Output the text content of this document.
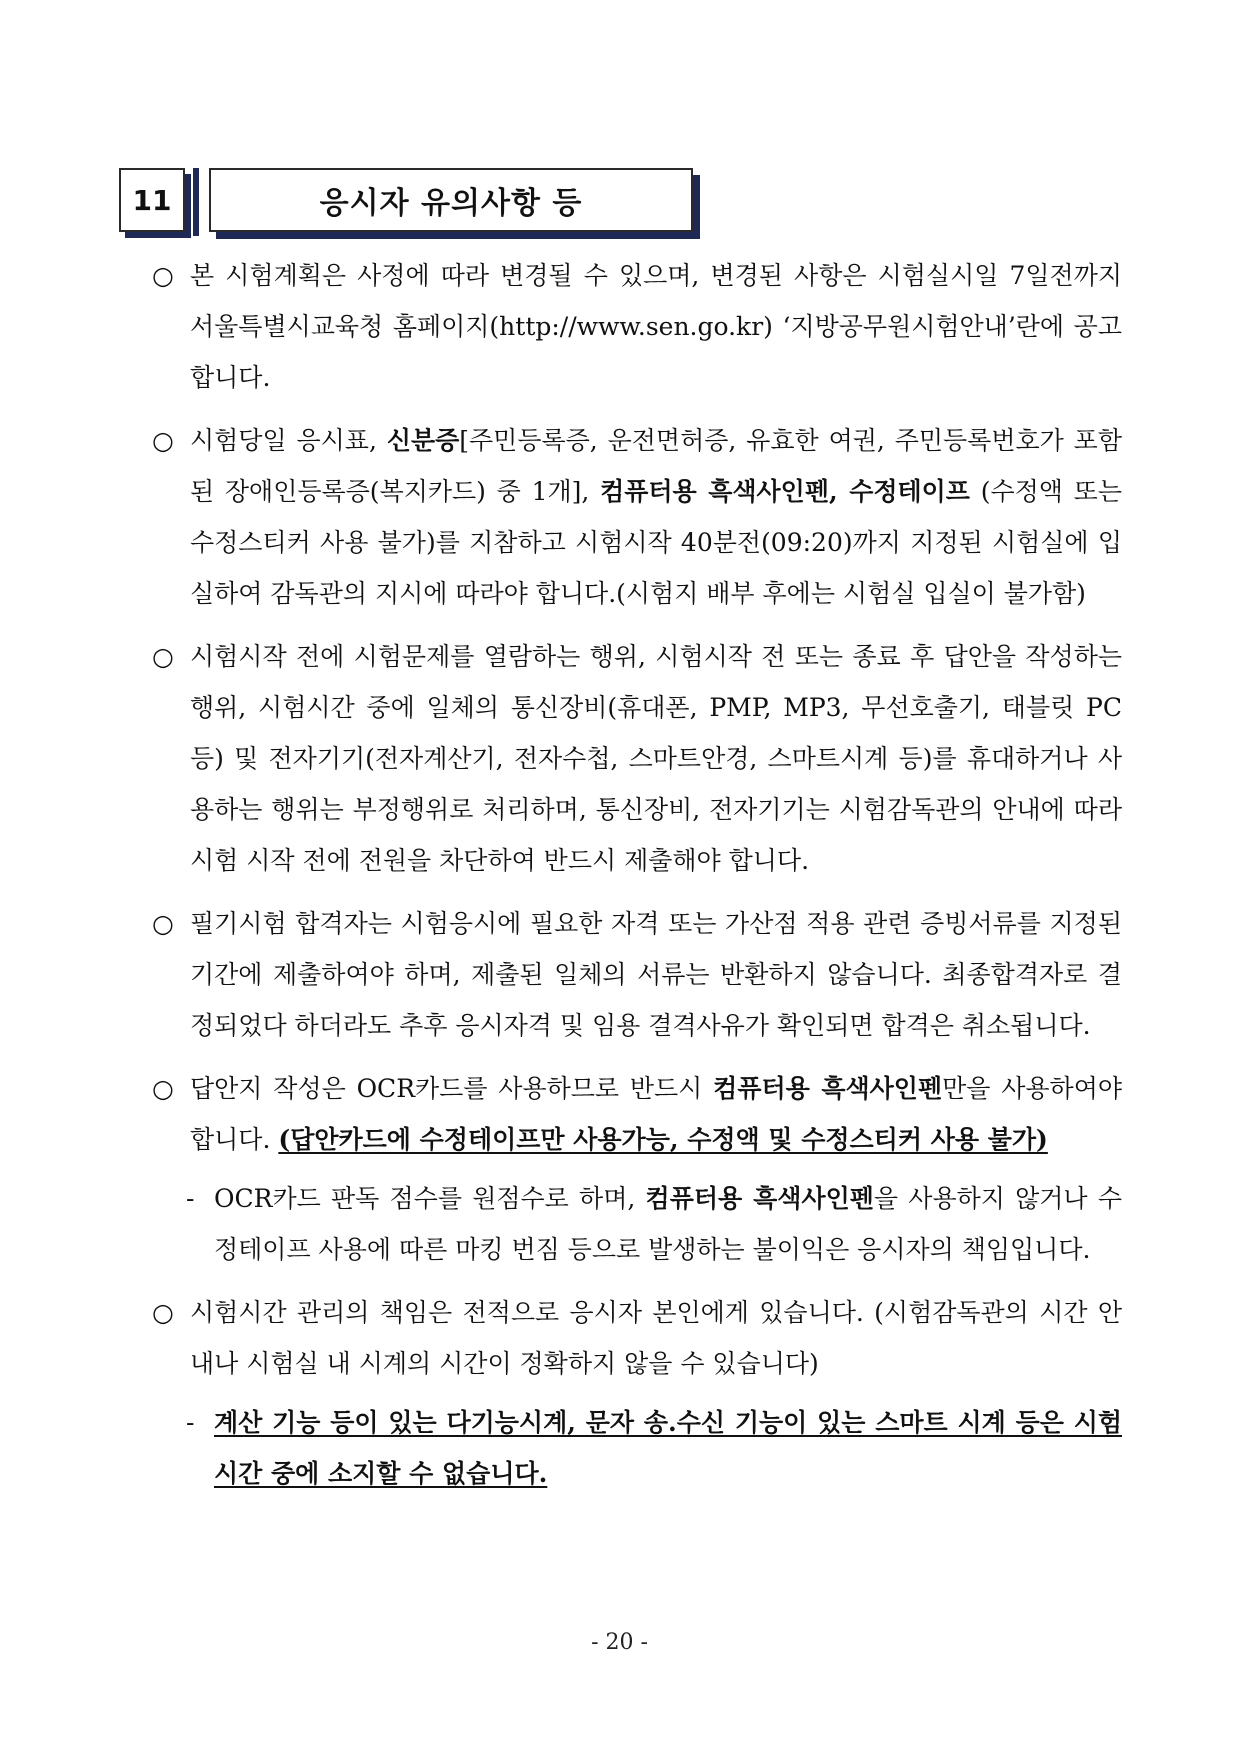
11	응시자 유의사항 등
○ 본 시험계획은 사정에 따라 변경될 수 있으며, 변경된 사항은 시험실시일 7일전까지 서울특별시교육청 홈페이지(http://www.sen.go.kr) ‘지방공무원시험안내’란에 공고합니다.
○ 시험당일 응시표, 신분증[주민등록증, 운전면허증, 유효한 여권, 주민등록번호가 포함된 장애인등록증(복지카드) 중 1개], 컴퓨터용 흑색사인펜, 수정테이프 (수정액 또는 수정스티커 사용 불가)를 지참하고 시험시작 40분전(09:20)까지 지정된 시험실에 입실하여 감독관의 지시에 따라야 합니다.(시험지 배부 후에는 시험실 입실이 불가함)
○ 시험시작 전에 시험문제를 열람하는 행위, 시험시작 전 또는 종료 후 답안을 작성하는 행위, 시험시간 중에 일체의 통신장비(휴대폰, PMP, MP3, 무선호출기, 태블릿 PC 등) 및 전자기기(전자계산기, 전자수첩, 스마트안경, 스마트시계 등)를 휴대하거나 사용하는 행위는 부정행위로 처리하며, 통신장비, 전자기기는 시험감독관의 안내에 따라 시험 시작 전에 전원을 차단하여 반드시 제출해야 합니다.
○ 필기시험 합격자는 시험응시에 필요한 자격 또는 가산점 적용 관련 증빙서류를 지정된 기간에 제출하여야 하며, 제출된 일체의 서류는 반환하지 않습니다. 최종합격자로 결정되었다 하더라도 추후 응시자격 및 임용 결격사유가 확인되면 합격은 취소됩니다.
○ 답안지 작성은 OCR카드를 사용하므로 반드시 컴퓨터용 흑색사인펜만을 사용하여야 합니다. (답안카드에 수정테이프만 사용가능, 수정액 및 수정스티커 사용 불가)
- OCR카드 판독 점수를 원점수로 하며, 컴퓨터용 흑색사인펜을 사용하지 않거나 수정테이프 사용에 따른 마킹 번짐 등으로 발생하는 불이익은 응시자의 책임입니다.
○ 시험시간 관리의 책임은 전적으로 응시자 본인에게 있습니다. (시험감독관의 시간 안내나 시험실 내 시계의 시간이 정확하지 않을 수 있습니다)
- 계산 기능 등이 있는 다기능시계, 문자 송.수신 기능이 있는 스마트 시계 등은 시험시간 중에 소지할 수 없습니다.
- 20 -
